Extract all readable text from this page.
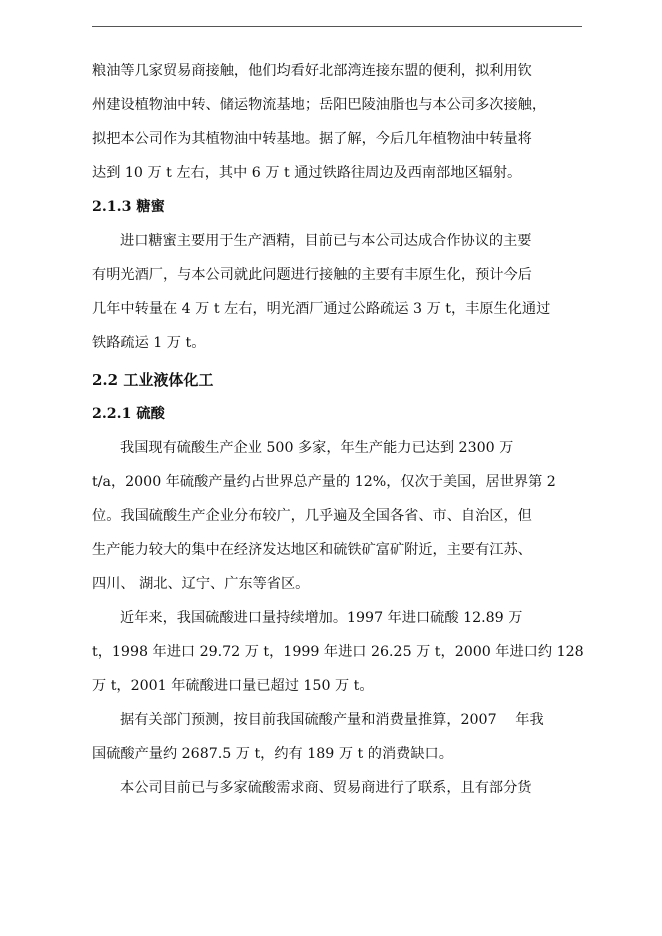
粮油等几家贸易商接触，他们均看好北部湾连接东盟的便利，拟利用钦
州建设植物油中转、储运物流基地；岳阳巴陵油脂也与本公司多次接触，
拟把本公司作为其植物油中转基地。据了解，今后几年植物油中转量将
达到 10 万 t 左右，其中 6 万 t 通过铁路往周边及西南部地区辐射。
2.1.3 糖蜜
进口糖蜜主要用于生产酒精，目前已与本公司达成合作协议的主要
有明光酒厂，与本公司就此问题进行接触的主要有丰原生化，预计今后
几年中转量在 4 万 t 左右，明光酒厂通过公路疏运 3 万 t，丰原生化通过
铁路疏运 1 万 t。
2.2 工业液体化工
2.2.1 硫酸
我国现有硫酸生产企业 500 多家，年生产能力已达到 2300 万
t/a，2000 年硫酸产量约占世界总产量的 12%，仅次于美国，居世界第 2
位。我国硫酸生产企业分布较广，几乎遍及全国各省、市、自治区，但
生产能力较大的集中在经济发达地区和硫铁矿富矿附近，主要有江苏、
四川、 湖北、辽宁、广东等省区。
近年来，我国硫酸进口量持续增加。1997 年进口硫酸 12.89 万
t，1998 年进口 29.72 万 t，1999 年进口 26.25 万 t，2000 年进口约 128
万 t，2001 年硫酸进口量已超过 150 万 t。
据有关部门预测，按目前我国硫酸产量和消费量推算，2007　 年我
国硫酸产量约 2687.5 万 t，约有 189 万 t 的消费缺口。
本公司目前已与多家硫酸需求商、贸易商进行了联系，且有部分货
